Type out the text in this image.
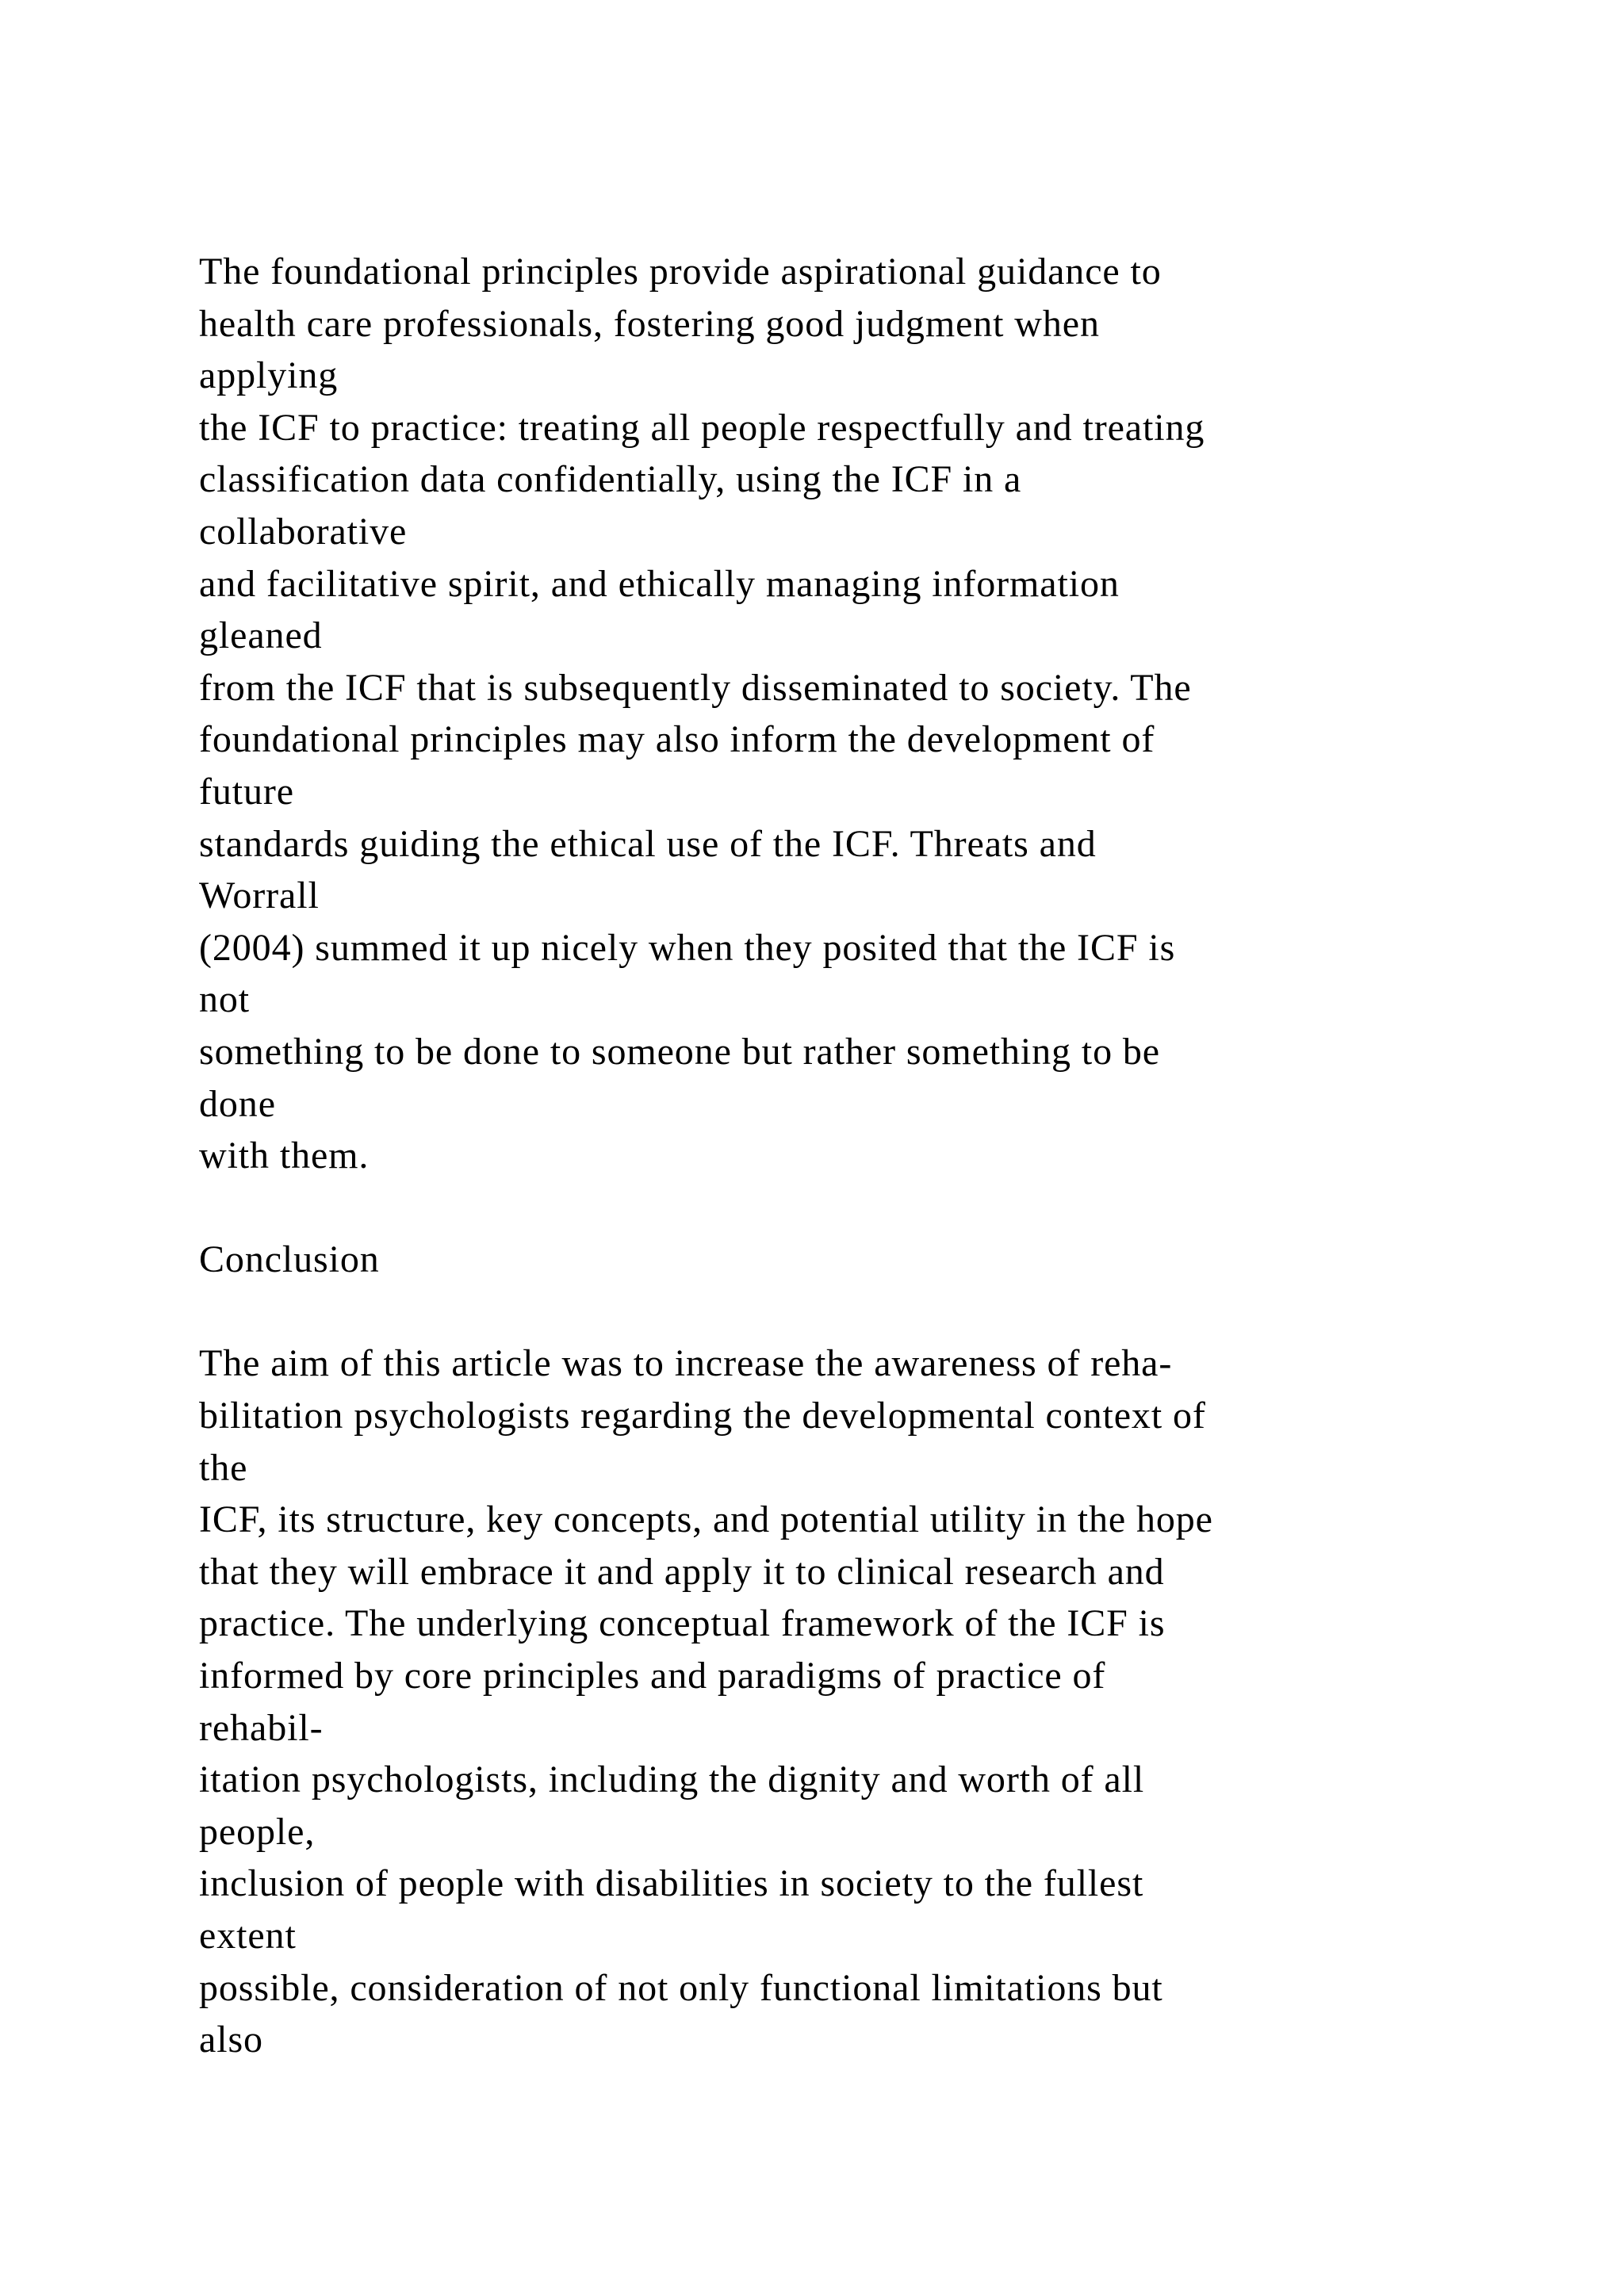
The foundational principles provide aspirational guidance to
health care professionals, fostering good judgment when
applying
the ICF to practice: treating all people respectfully and treating
classification data confidentially, using the ICF in a
collaborative
and facilitative spirit, and ethically managing information
gleaned
from the ICF that is subsequently disseminated to society. The
foundational principles may also inform the development of
future
standards guiding the ethical use of the ICF. Threats and
Worrall
(2004) summed it up nicely when they posited that the ICF is
not
something to be done to someone but rather something to be
done
with them.
Conclusion
The aim of this article was to increase the awareness of reha-
bilitation psychologists regarding the developmental context of
the
ICF, its structure, key concepts, and potential utility in the hope
that they will embrace it and apply it to clinical research and
practice. The underlying conceptual framework of the ICF is
informed by core principles and paradigms of practice of
rehabil-
itation psychologists, including the dignity and worth of all
people,
inclusion of people with disabilities in society to the fullest
extent
possible, consideration of not only functional limitations but
also
